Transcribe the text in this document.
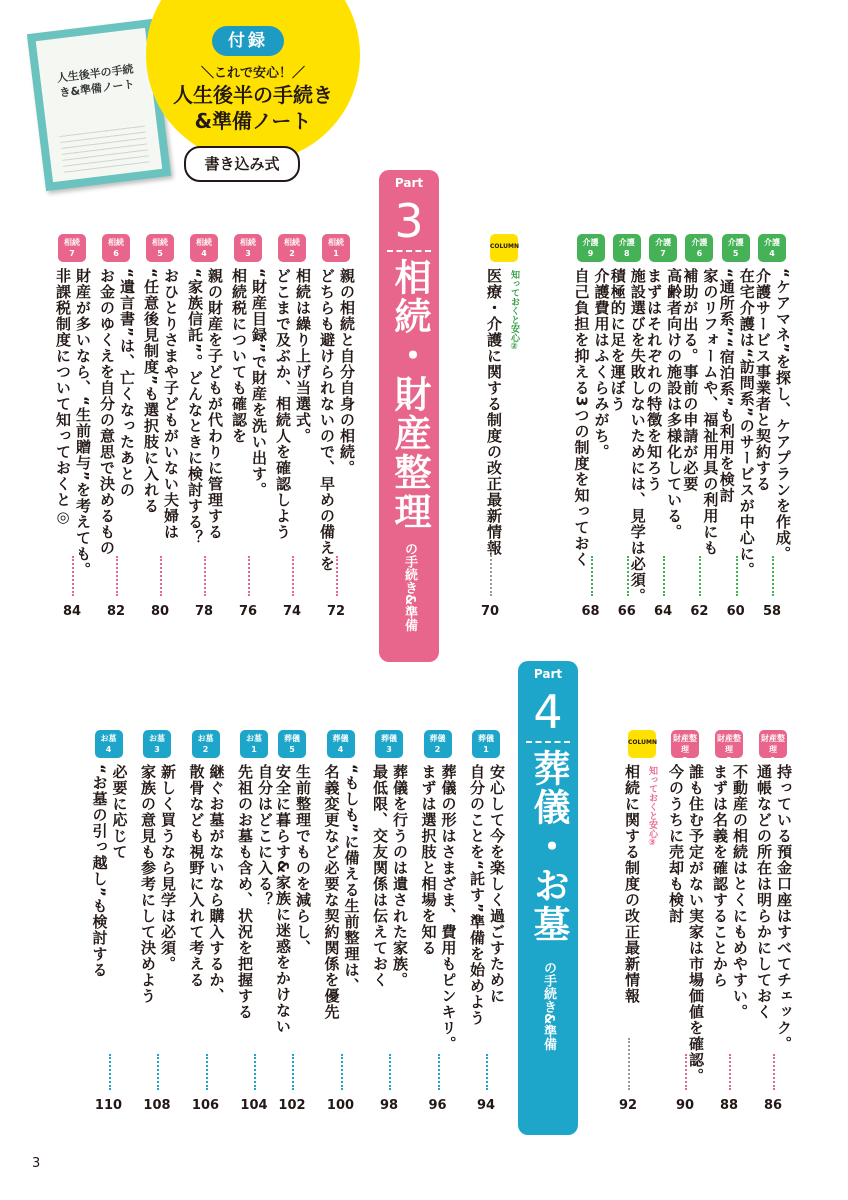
人生後半の手続き&準備ノート
付録
＼これで安心！／
人生後半の手続き
&準備ノート
書き込み式
Part
3
相続・財産整理
の手続き&準備
Part
4
葬儀・お墓
の手続き&準備
介護
4
“ケアマネ”を探し、ケアプランを作成。
介護サービス事業者と契約する
58
介護
5
在宅介護は“訪問系”のサービスが中心に。
“通所系”“宿泊系”も利用を検討
60
介護
6
家のリフォームや、福祉用具の利用にも
補助が出る。事前の申請が必要
62
介護
7
高齢者向けの施設は多様化している。
まずはそれぞれの特徴を知ろう
64
介護
8
施設選びを失敗しないためには、見学は必須。
積極的に足を運ぼう
66
介護
9
介護費用はふくらみがち。
自己負担を抑える3つの制度を知っておく
68
相続
1
親の相続と自分自身の相続。
どちらも避けられないので、早めの備えを
72
相続
2
相続は繰り上げ当選式。
どこまで及ぶか、相続人を確認しよう
74
相続
3
“財産目録”で財産を洗い出す。
相続税についても確認を
76
相続
4
親の財産を子どもが代わりに管理する
“家族信託”。どんなときに検討する？
78
相続
5
おひとりさまや子どもがいない夫婦は
“任意後見制度”も選択肢に入れる
80
相続
6
“遺言書”は、亡くなったあとの
お金のゆくえを自分の意思で決めるもの
82
相続
7
財産が多いなら、“生前贈与”を考えても。
非課税制度について知っておくと◎
84
財産整理
1
持っている預金口座はすべてチェック。
通帳などの所在は明らかにしておく
86
財産整理
2
不動産の相続はとくにもめやすい。
まずは名義を確認することから
88
財産整理
3
誰も住む予定がない実家は市場価値を確認。
今のうちに売却も検討
90
葬儀
1
安心して今を楽しく過ごすために
自分のことを“託す”準備を始めよう
94
葬儀
2
葬儀の形はさまざま、費用もピンキリ。
まずは選択肢と相場を知る
96
葬儀
3
葬儀を行うのは遺された家族。
最低限、交友関係は伝えておく
98
葬儀
4
“もしも”に備える生前整理は、
名義変更など必要な契約関係を優先
100
葬儀
5
生前整理でものを減らし、
安全に暮らす&家族に迷惑をかけない
102
お墓
1
自分はどこに入る？
先祖のお墓も含め、状況を把握する
104
お墓
2
継ぐお墓がないなら購入するか、
散骨なども視野に入れて考える
106
お墓
3
新しく買うなら見学は必須。
家族の意見も参考にして決めよう
108
お墓
4
必要に応じて
“お墓の引っ越し”も検討する
110
COLUMN
知っておくと安心②
医療・介護に関する制度の改正最新情報
70
COLUMN
知っておくと安心③
相続に関する制度の改正最新情報
92
3
